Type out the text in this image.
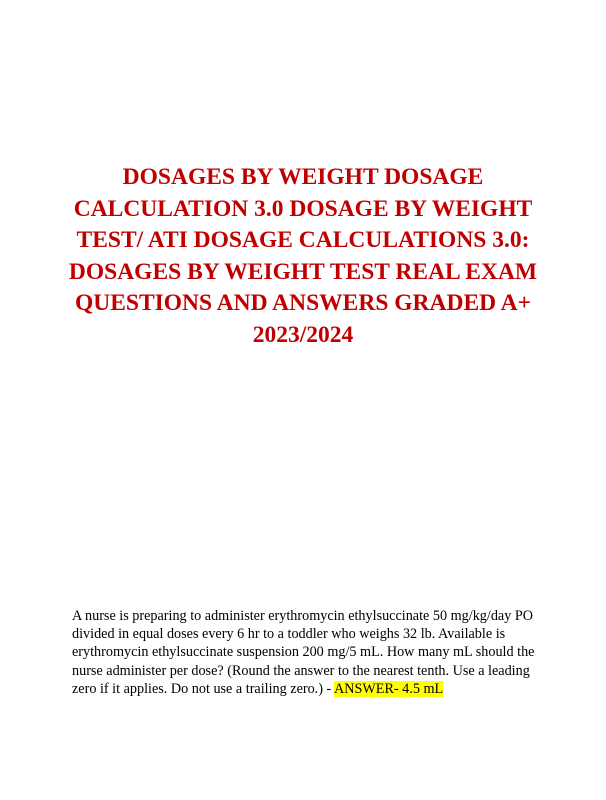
DOSAGES BY WEIGHT DOSAGE CALCULATION 3.0 DOSAGE BY WEIGHT TEST/ ATI DOSAGE CALCULATIONS 3.0: DOSAGES BY WEIGHT TEST REAL EXAM QUESTIONS AND ANSWERS GRADED A+ 2023/2024

A nurse is preparing to administer erythromycin ethylsuccinate 50 mg/kg/day PO divided in equal doses every 6 hr to a toddler who weighs 32 lb. Available is erythromycin ethylsuccinate suspension 200 mg/5 mL. How many mL should the nurse administer per dose? (Round the answer to the nearest tenth. Use a leading zero if it applies. Do not use a trailing zero.) - ANSWER- 4.5 mL
